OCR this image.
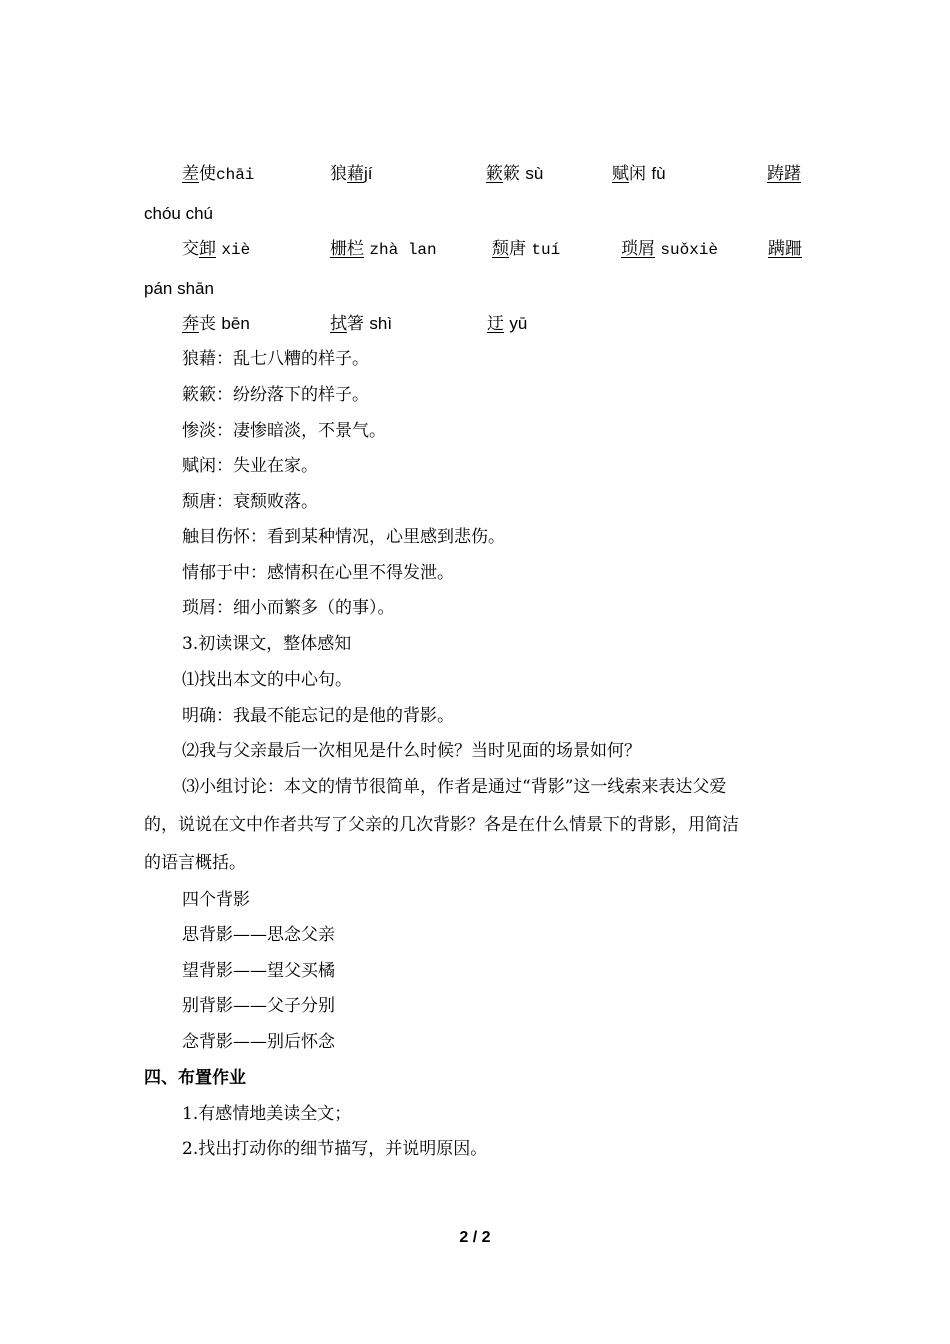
差使chāi	狼藉jí	簌簌 sù	赋闲 fù	踌躇
chóu chú
交卸 xiè	栅栏 zhà lan	颓唐 tuí	琐屑 suǒxiè	蹒跚
pán shān
奔丧 bēn	拭箸 shì	迂 yū
狼藉：乱七八糟的样子。
簌簌：纷纷落下的样子。
惨淡：凄惨暗淡，不景气。
赋闲：失业在家。
颓唐：衰颓败落。
触目伤怀：看到某种情况，心里感到悲伤。
情郁于中：感情积在心里不得发泄。
琐屑：细小而繁多（的事）。
3.初读课文，整体感知
⑴找出本文的中心句。
明确：我最不能忘记的是他的背影。
⑵我与父亲最后一次相见是什么时候？当时见面的场景如何？
⑶小组讨论：本文的情节很简单，作者是通过“背影”这一线索来表达父爱
的，说说在文中作者共写了父亲的几次背影？各是在什么情景下的背影，用简洁
的语言概括。
四个背影
思背影——思念父亲
望背影——望父买橘
别背影——父子分别
念背影——别后怀念
四、布置作业
1.有感情地美读全文；
2.找出打动你的细节描写，并说明原因。
2 / 2
